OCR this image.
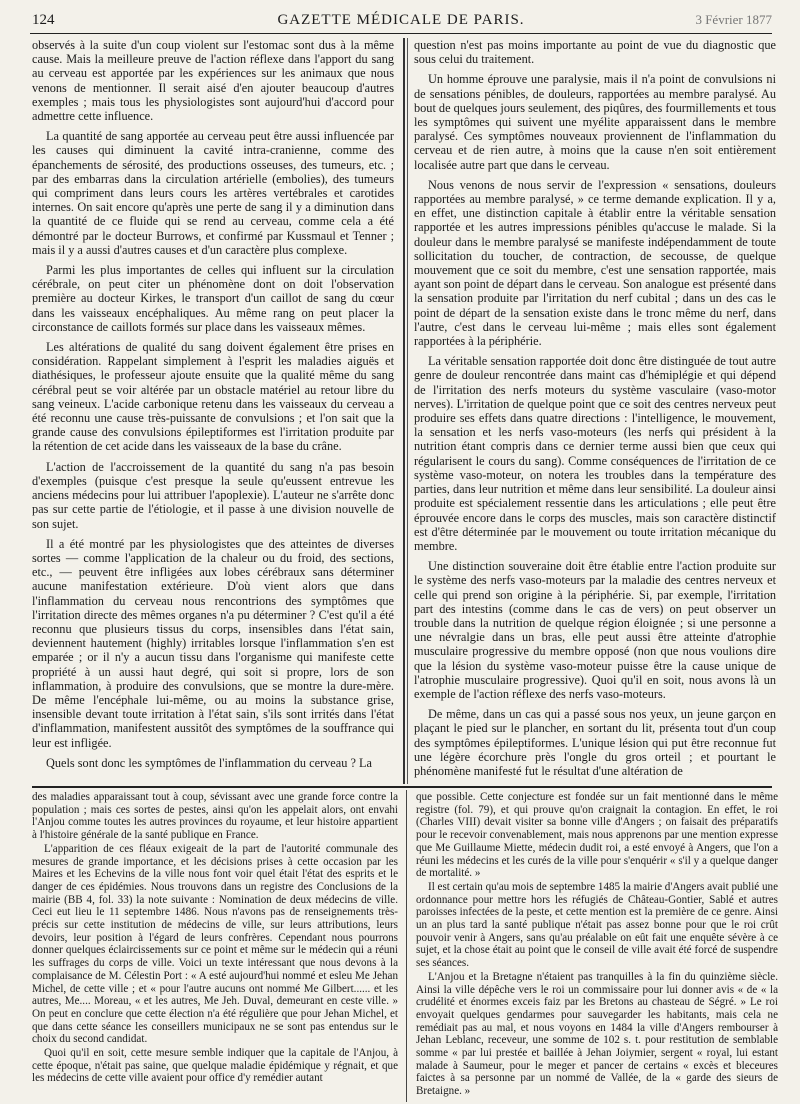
124	GAZETTE MÉDICALE DE PARIS.	3 Février 1877

observés à la suite d'un coup violent sur l'estomac sont dus à la même cause. Mais la meilleure preuve de l'action réflexe dans l'apport du sang au cerveau est apportée par les expériences sur les animaux que nous venons de mentionner. Il serait aisé d'en ajouter beaucoup d'autres exemples ; mais tous les physiologistes sont aujourd'hui d'accord pour admettre cette influence.

La quantité de sang apportée au cerveau peut être aussi influencée par les causes qui diminuent la cavité intra-cranienne, comme des épanchements de sérosité, des productions osseuses, des tumeurs, etc. ; par des embarras dans la circulation artérielle (embolies), des tumeurs qui compriment dans leurs cours les artères vertébrales et carotides internes. On sait encore qu'après une perte de sang il y a diminution dans la quantité de ce fluide qui se rend au cerveau, comme cela a été démontré par le docteur Burrows, et confirmé par Kussmaul et Tenner ; mais il y a aussi d'autres causes et d'un caractère plus complexe.

Parmi les plus importantes de celles qui influent sur la circulation cérébrale, on peut citer un phénomène dont on doit l'observation première au docteur Kirkes, le transport d'un caillot de sang du cœur dans les vaisseaux encéphaliques. Au même rang on peut placer la circonstance de caillots formés sur place dans les vaisseaux mêmes.

Les altérations de qualité du sang doivent également être prises en considération. Rappelant simplement à l'esprit les maladies aiguës et diathésiques, le professeur ajoute ensuite que la qualité même du sang cérébral peut se voir altérée par un obstacle matériel au retour libre du sang veineux. L'acide carbonique retenu dans les vaisseaux du cerveau a été reconnu une cause très-puissante de convulsions ; et l'on sait que la grande cause des convulsions épileptiformes est l'irritation produite par la rétention de cet acide dans les vaisseaux de la base du crâne.

L'action de l'accroissement de la quantité du sang n'a pas besoin d'exemples (puisque c'est presque la seule qu'eussent entrevue les anciens médecins pour lui attribuer l'apoplexie). L'auteur ne s'arrête donc pas sur cette partie de l'étiologie, et il passe à une division nouvelle de son sujet.

Il a été montré par les physiologistes que des atteintes de diverses sortes — comme l'application de la chaleur ou du froid, des sections, etc., — peuvent être infligées aux lobes cérébraux sans déterminer aucune manifestation extérieure. D'où vient alors que dans l'inflammation du cerveau nous rencontrions des symptômes que l'irritation directe des mêmes organes n'a pu déterminer ? C'est qu'il a été reconnu que plusieurs tissus du corps, insensibles dans l'état sain, deviennent hautement (highly) irritables lorsque l'inflammation s'en est emparée ; or il n'y a aucun tissu dans l'organisme qui manifeste cette propriété à un aussi haut degré, qui soit si propre, lors de son inflammation, à produire des convulsions, que se montre la dure-mère. De même l'encéphale lui-même, ou au moins la substance grise, insensible devant toute irritation à l'état sain, s'ils sont irrités dans l'état d'inflammation, manifestent aussitôt des symptômes de la souffrance qui leur est infligée.

Quels sont donc les symptômes de l'inflammation du cerveau ? La

question n'est pas moins importante au point de vue du diagnostic que sous celui du traitement.

Un homme éprouve une paralysie, mais il n'a point de convulsions ni de sensations pénibles, de douleurs, rapportées au membre paralysé. Au bout de quelques jours seulement, des piqûres, des fourmillements et tous les symptômes qui suivent une myélite apparaissent dans le membre paralysé. Ces symptômes nouveaux proviennent de l'inflammation du cerveau et de rien autre, à moins que la cause n'en soit entièrement localisée autre part que dans le cerveau.

Nous venons de nous servir de l'expression « sensations, douleurs rapportées au membre paralysé, » ce terme demande explication. Il y a, en effet, une distinction capitale à établir entre la véritable sensation rapportée et les autres impressions pénibles qu'accuse le malade. Si la douleur dans le membre paralysé se manifeste indépendamment de toute sollicitation du toucher, de contraction, de secousse, de quelque mouvement que ce soit du membre, c'est une sensation rapportée, mais ayant son point de départ dans le cerveau. Son analogue est présenté dans la sensation produite par l'irritation du nerf cubital ; dans un des cas le point de départ de la sensation existe dans le tronc même du nerf, dans l'autre, c'est dans le cerveau lui-même ; mais elles sont également rapportées à la périphérie.

La véritable sensation rapportée doit donc être distinguée de tout autre genre de douleur rencontrée dans maint cas d'hémiplégie et qui dépend de l'irritation des nerfs moteurs du système vasculaire (vaso-motor nerves). L'irritation de quelque point que ce soit des centres nerveux peut produire ses effets dans quatre directions : l'intelligence, le mouvement, la sensation et les nerfs vaso-moteurs (les nerfs qui président à la nutrition étant compris dans ce dernier terme aussi bien que ceux qui régularisent le cours du sang). Comme conséquences de l'irritation de ce système vaso-moteur, on notera les troubles dans la température des parties, dans leur nutrition et même dans leur sensibilité. La douleur ainsi produite est spécialement ressentie dans les articulations ; elle peut être éprouvée encore dans le corps des muscles, mais son caractère distinctif est d'être déterminée par le mouvement ou toute irritation mécanique du membre.

Une distinction souveraine doit être établie entre l'action produite sur le système des nerfs vaso-moteurs par la maladie des centres nerveux et celle qui prend son origine à la périphérie. Si, par exemple, l'irritation part des intestins (comme dans le cas de vers) on peut observer un trouble dans la nutrition de quelque région éloignée ; si une personne a une névralgie dans un bras, elle peut aussi être atteinte d'atrophie musculaire progressive du membre opposé (non que nous voulions dire que la lésion du système vaso-moteur puisse être la cause unique de l'atrophie musculaire progressive). Quoi qu'il en soit, nous avons là un exemple de l'action réflexe des nerfs vaso-moteurs.

De même, dans un cas qui a passé sous nos yeux, un jeune garçon en plaçant le pied sur le plancher, en sortant du lit, présenta tout d'un coup des symptômes épileptiformes. L'unique lésion qui put être reconnue fut une légère écorchure près l'ongle du gros orteil ; et pourtant le phénomène manifesté fut le résultat d'une altération de

des maladies apparaissant tout à coup, sévissant avec une grande force contre la population ; mais ces sortes de pestes, ainsi qu'on les appelait alors, ont envahi l'Anjou comme toutes les autres provinces du royaume, et leur histoire appartient à l'histoire générale de la santé publique en France.

L'apparition de ces fléaux exigeait de la part de l'autorité communale des mesures de grande importance, et les décisions prises à cette occasion par les Maires et les Echevins de la ville nous font voir quel était l'état des esprits et le danger de ces épidémies. Nous trouvons dans un registre des Conclusions de la mairie (BB 4, fol. 33) la note suivante : Nomination de deux médecins de ville. Ceci eut lieu le 11 septembre 1486. Nous n'avons pas de renseignements très-précis sur cette institution de médecins de ville, sur leurs attributions, leurs devoirs, leur position à l'égard de leurs confrères. Cependant nous pourrons donner quelques éclaircissements sur ce point et même sur le médecin qui a réuni les suffrages du corps de ville. Voici un texte intéressant que nous devons à la complaisance de M. Célestin Port : « A esté aujourd'hui nommé et esleu Me Jehan Michel, de cette ville ; et « pour l'autre aucuns ont nommé Me Gilbert...... et les autres, Me.... Moreau, « et les autres, Me Jeh. Duval, demeurant en ceste ville. » On peut en conclure que cette élection n'a été régulière que pour Jehan Michel, et que dans cette séance les conseillers municipaux ne se sont pas entendus sur le choix du second candidat.

Quoi qu'il en soit, cette mesure semble indiquer que la capitale de l'Anjou, à cette époque, n'était pas saine, que quelque maladie épidémique y régnait, et que les médecins de cette ville avaient pour office d'y remédier autant

que possible. Cette conjecture est fondée sur un fait mentionné dans le même registre (fol. 79), et qui prouve qu'on craignait la contagion. En effet, le roi (Charles VIII) devait visiter sa bonne ville d'Angers ; on faisait des préparatifs pour le recevoir convenablement, mais nous apprenons par une mention expresse que Me Guillaume Miette, médecin dudit roi, a esté envoyé à Angers, que l'on a réuni les médecins et les curés de la ville pour s'enquérir « s'il y a quelque danger de mortalité. »

Il est certain qu'au mois de septembre 1485 la mairie d'Angers avait publié une ordonnance pour mettre hors les réfugiés de Château-Gontier, Sablé et autres paroisses infectées de la peste, et cette mention est la première de ce genre. Ainsi un an plus tard la santé publique n'était pas assez bonne pour que le roi crût pouvoir venir à Angers, sans qu'au préalable on eût fait une enquête sévère à ce sujet, et la chose était au point que le conseil de ville avait été forcé de suspendre ses séances.

L'Anjou et la Bretagne n'étaient pas tranquilles à la fin du quinzième siècle. Ainsi la ville dépêche vers le roi un commissaire pour lui donner avis « de « la crudélité et énormes exceis faiz par les Bretons au chasteau de Ségré. » Le roi envoyait quelques gendarmes pour sauvegarder les habitants, mais cela ne remédiait pas au mal, et nous voyons en 1484 la ville d'Angers rembourser à Jehan Leblanc, receveur, une somme de 102 s. t. pour restitution de semblable somme « par lui prestée et baillée à Jehan Joiymier, sergent « royal, lui estant malade à Saumeur, pour le meger et pancer de certains « excès et bleceures faictes à sa personne par un nommé de Vallée, de la « garde des sieurs de Bretaigne. »
